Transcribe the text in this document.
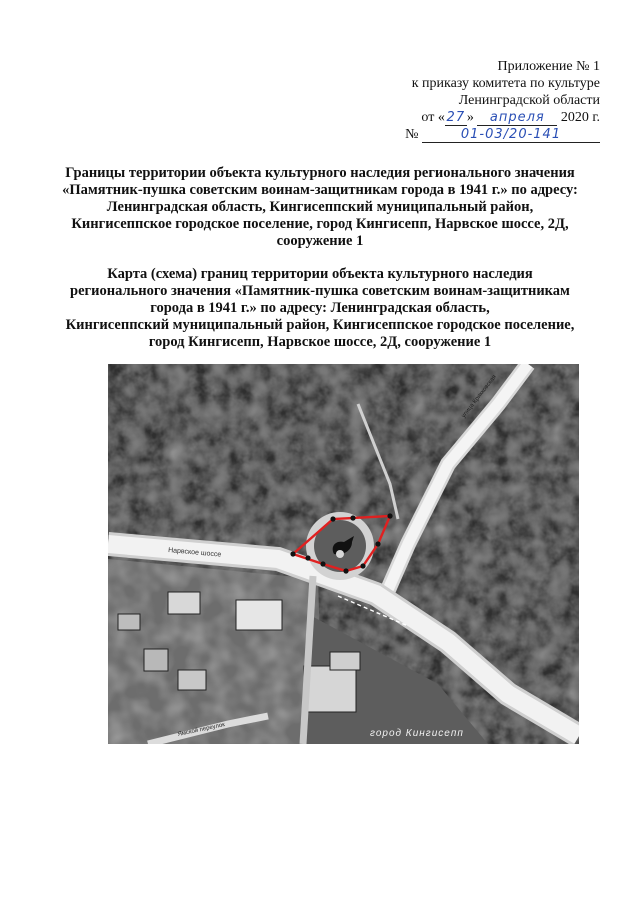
Приложение № 1
к приказу комитета по культуре
Ленинградской области
от « 27 » апреля 2020 г.
№	01-03/20-141
Границы территории объекта культурного наследия регионального значения
«Памятник-пушка советским воинам-защитникам города в 1941 г.» по адресу:
Ленинградская область, Кингисеппский муниципальный район,
Кингисеппское городское поселение, город Кингисепп, Нарвское шоссе, 2Д,
сооружение 1
Карта (схема) границ территории объекта культурного наследия
регионального значения «Памятник-пушка советским воинам-защитникам
города в 1941 г.» по адресу: Ленинградская область,
Кингисеппский муниципальный район, Кингисеппское городское поселение,
город Кингисепп, Нарвское шоссе, 2Д, сооружение 1
Нарвское шоссе
улица Крикковская
Ямской переулок	город Кингисепп
